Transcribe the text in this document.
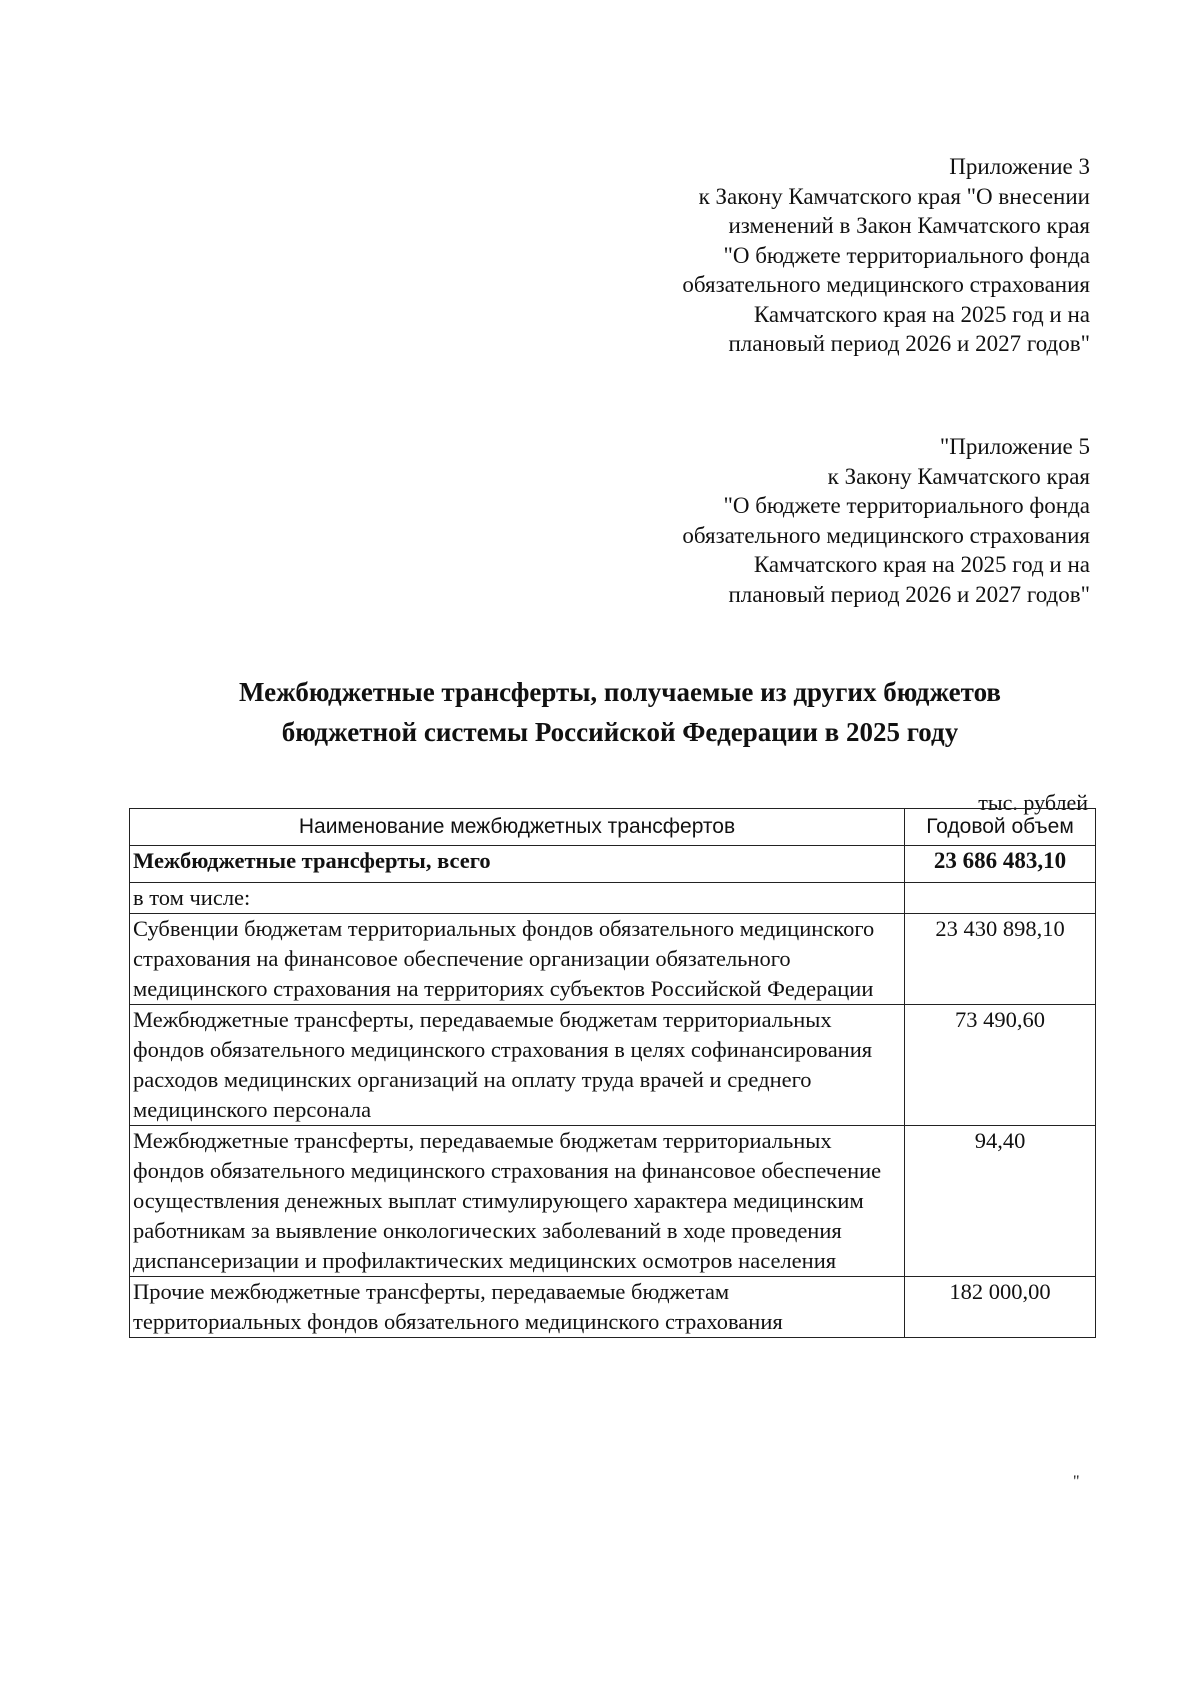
Приложение 3
к Закону Камчатского края "О внесении
изменений в Закон Камчатского края
"О бюджете территориального фонда
обязательного медицинского страхования
Камчатского края на 2025 год и на
плановый период 2026 и 2027 годов"
"Приложение 5
к Закону Камчатского края
"О бюджете территориального фонда
обязательного медицинского страхования
Камчатского края на 2025 год и на
плановый период 2026 и 2027 годов"
Межбюджетные трансферты, получаемые из других бюджетов
бюджетной системы Российской Федерации в 2025 году
тыс. рублей
Наименование межбюджетных трансфертов	Годовой объем
Межбюджетные трансферты, всего	23 686 483,10
в том числе:	
Субвенции бюджетам территориальных фондов обязательного медицинского страхования на финансовое обеспечение организации обязательного медицинского страхования на территориях субъектов Российской Федерации	23 430 898,10
Межбюджетные трансферты, передаваемые бюджетам территориальных фондов обязательного медицинского страхования в целях софинансирования расходов медицинских организаций на оплату труда врачей и среднего медицинского персонала	73 490,60
Межбюджетные трансферты, передаваемые бюджетам территориальных фондов обязательного медицинского страхования на финансовое обеспечение осуществления денежных выплат стимулирующего характера медицинским работникам за выявление онкологических заболеваний в ходе проведения диспансеризации и профилактических медицинских осмотров населения	94,40
Прочие межбюджетные трансферты, передаваемые бюджетам территориальных фондов обязательного медицинского страхования	182 000,00
"
